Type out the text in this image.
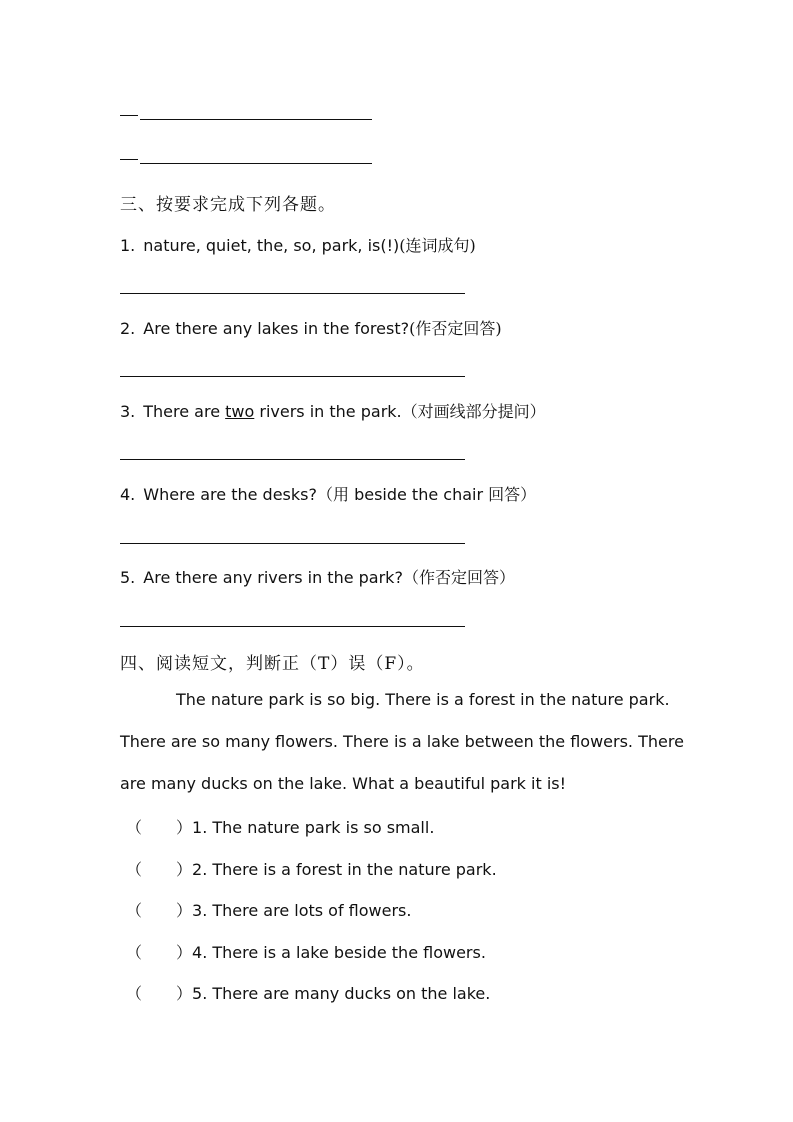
三、按要求完成下列各题。
1. nature, quiet, the, so, park, is(!)(连词成句)
2. Are there any lakes in the forest?(作否定回答)
3. There are two rivers in the park.（对画线部分提问）
4. Where are the desks?（用 beside the chair 回答）
5. Are there any rivers in the park?（作否定回答）
四、阅读短文，判断正（T）误（F）。
The nature park is so big. There is a forest in the nature park.
There are so many flowers. There is a lake between the flowers. There
are many ducks on the lake. What a beautiful park it is!
（ ）1. The nature park is so small.
（ ）2. There is a forest in the nature park.
（ ）3. There are lots of flowers.
（ ）4. There is a lake beside the flowers.
（ ）5. There are many ducks on the lake.
